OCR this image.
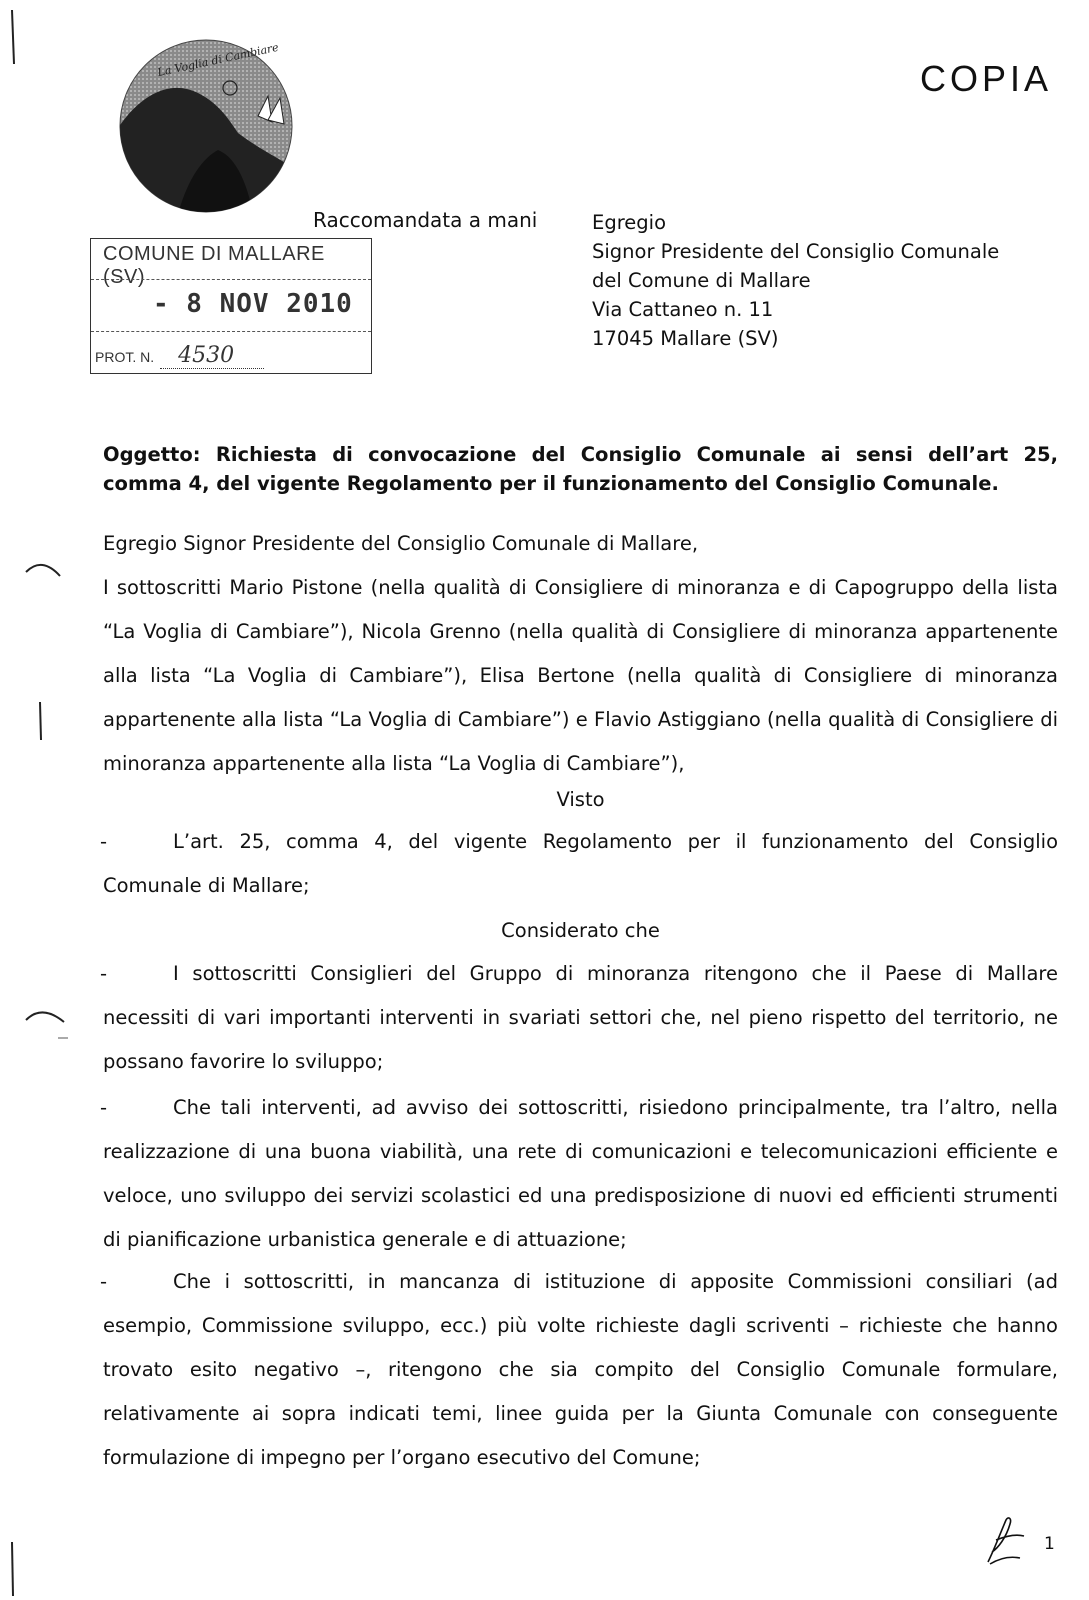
COPIA
La Voglia di Cambiare
Raccomandata a mani	Egregio
Signor Presidente del Consiglio Comunale
del Comune di Mallare
Via Cattaneo n. 11
17045 Mallare (SV)
COMUNE DI MALLARE (SV)
- 8 NOV 2010
PROT. N. 4530
Oggetto: Richiesta di convocazione del Consiglio Comunale ai sensi dell’art 25, comma 4, del vigente Regolamento per il funzionamento del Consiglio Comunale.
Egregio Signor Presidente del Consiglio Comunale di Mallare,
I sottoscritti Mario Pistone (nella qualità di Consigliere di minoranza e di Capogruppo della lista “La Voglia di Cambiare”), Nicola Grenno (nella qualità di Consigliere di minoranza appartenente alla lista “La Voglia di Cambiare”), Elisa Bertone (nella qualità di Consigliere di minoranza appartenente alla lista “La Voglia di Cambiare”) e Flavio Astiggiano (nella qualità di Consigliere di minoranza appartenente alla lista “La Voglia di Cambiare”),
Visto
-	L’art. 25, comma 4, del vigente Regolamento per il funzionamento del Consiglio Comunale di Mallare;
Considerato che
-	I sottoscritti Consiglieri del Gruppo di minoranza ritengono che il Paese di Mallare necessiti di vari importanti interventi in svariati settori che, nel pieno rispetto del territorio, ne possano favorire lo sviluppo;
-	Che tali interventi, ad avviso dei sottoscritti, risiedono principalmente, tra l’altro, nella realizzazione di una buona viabilità, una rete di comunicazioni e telecomunicazioni efficiente e veloce, uno sviluppo dei servizi scolastici ed una predisposizione di nuovi ed efficienti strumenti di pianificazione urbanistica generale e di attuazione;
-	Che i sottoscritti, in mancanza di istituzione di apposite Commissioni consiliari (ad esempio, Commissione sviluppo, ecc.) più volte richieste dagli scriventi – richieste che hanno trovato esito negativo –, ritengono che sia compito del Consiglio Comunale formulare, relativamente ai sopra indicati temi, linee guida per la Giunta Comunale con conseguente formulazione di impegno per l’organo esecutivo del Comune;
1
